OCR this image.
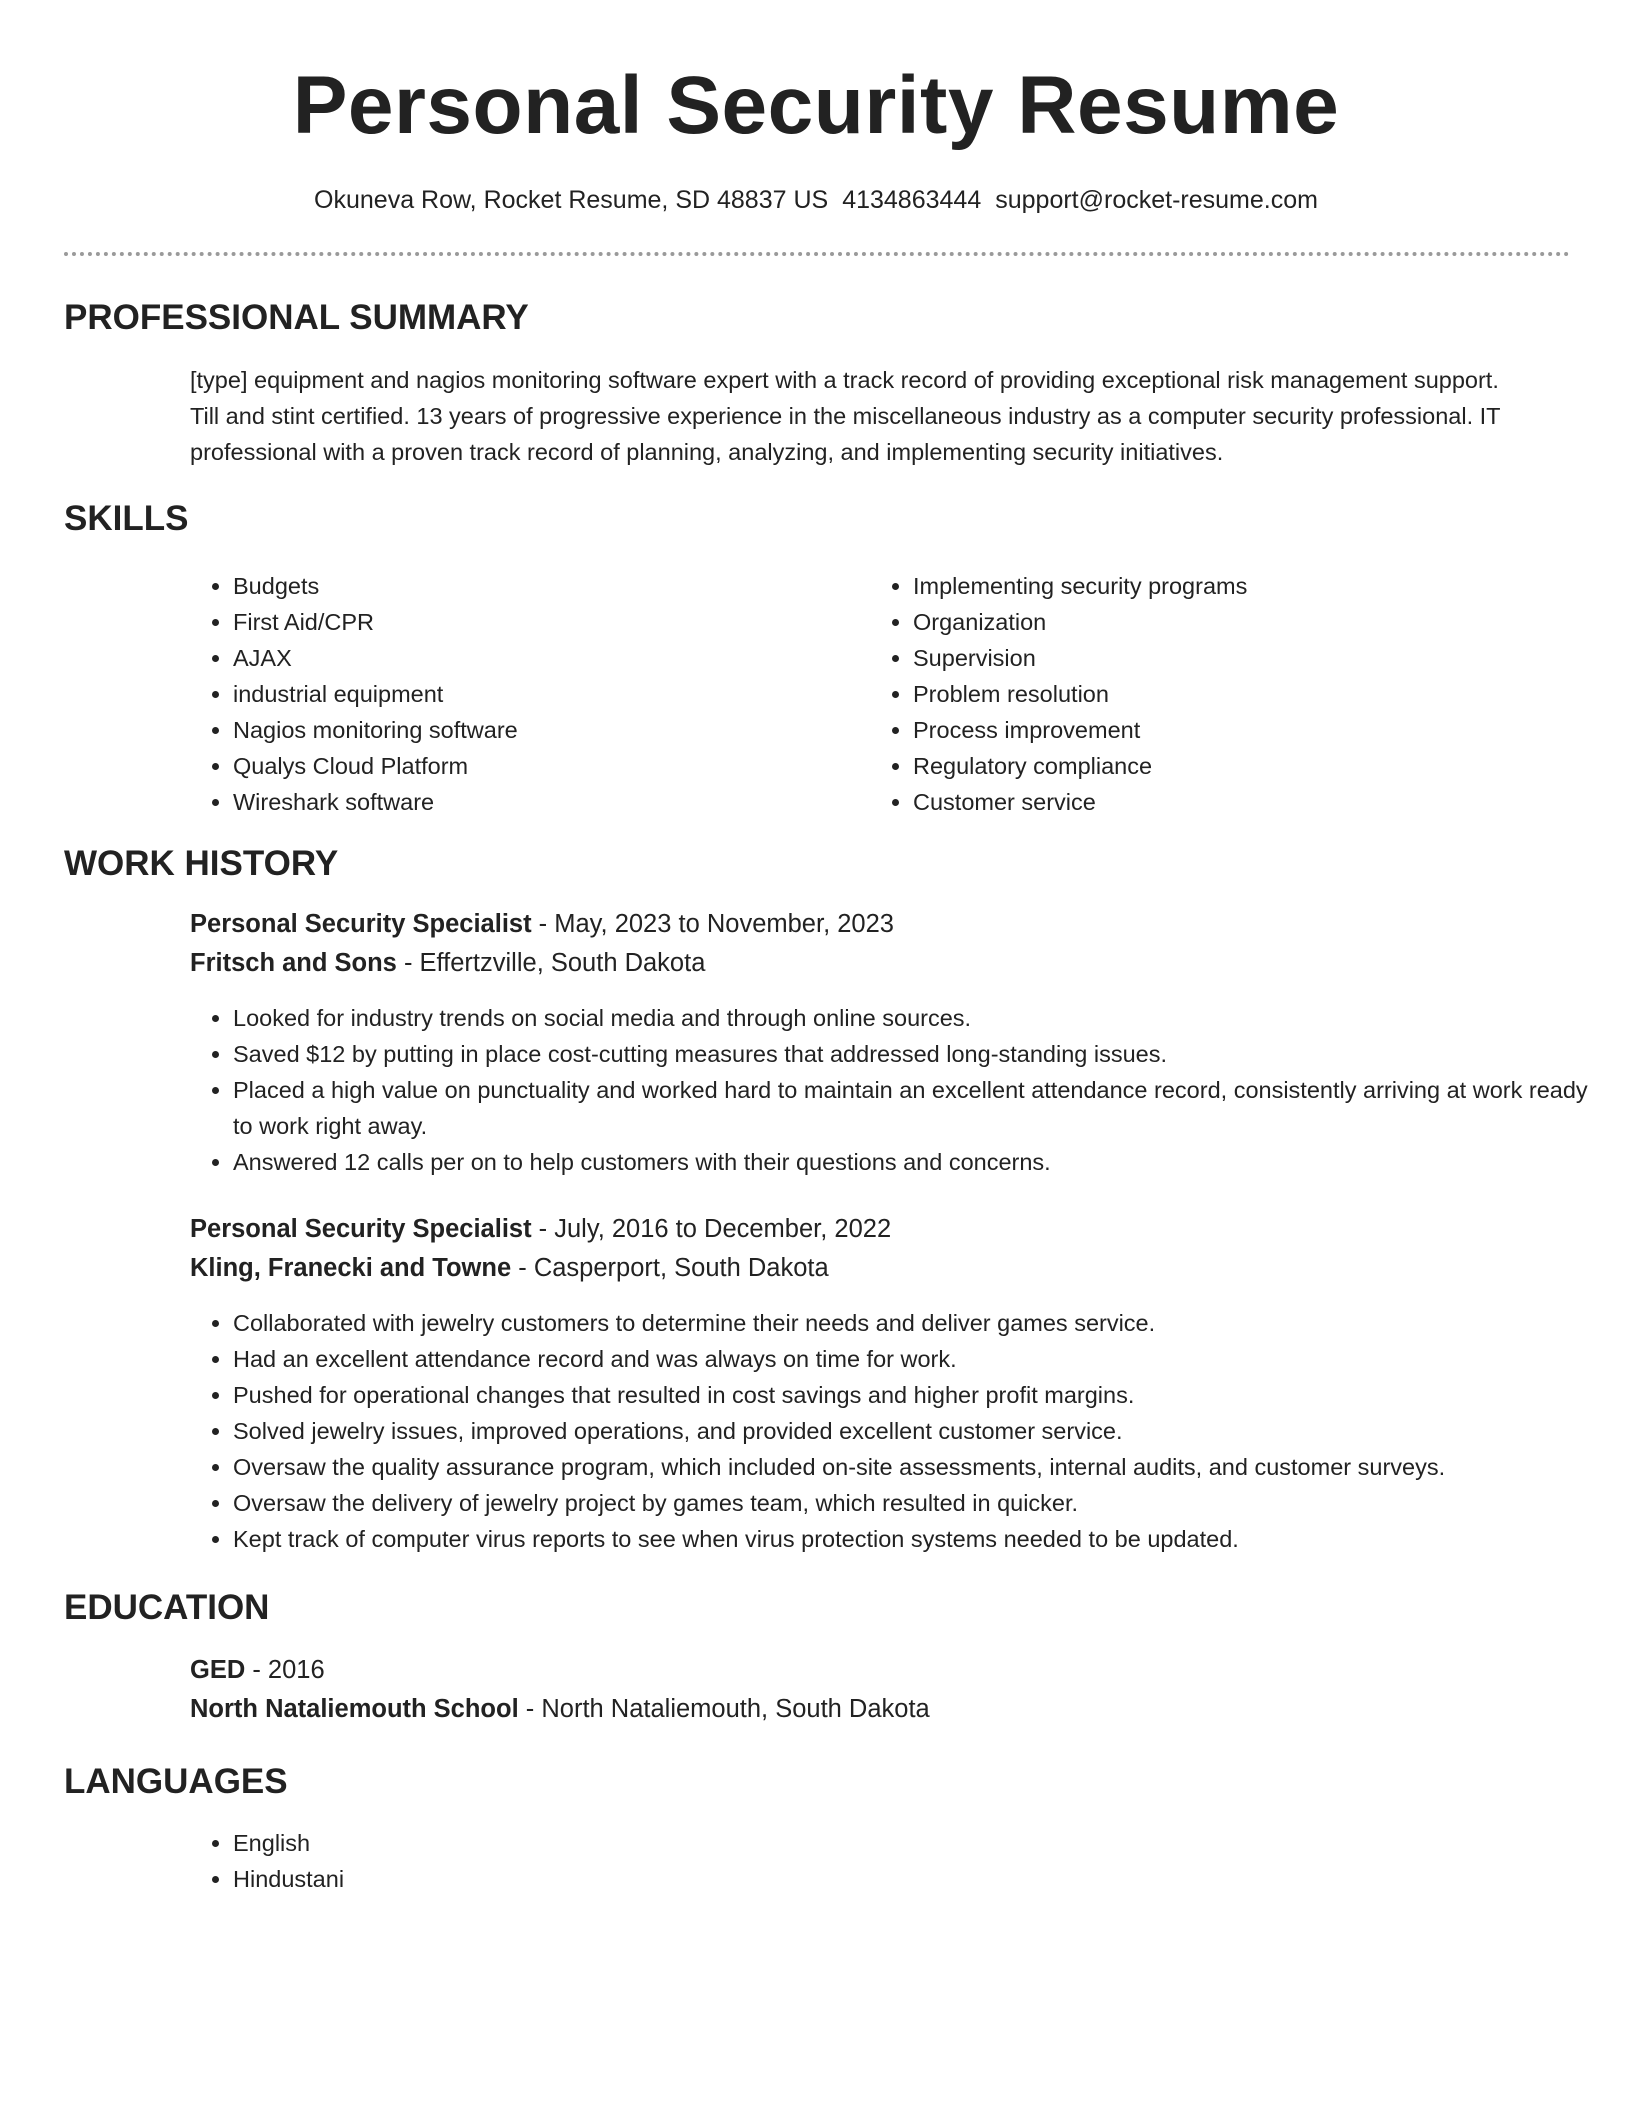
Personal Security Resume
Okuneva Row, Rocket Resume, SD 48837 US 4134863444 support@rocket-resume.com
PROFESSIONAL SUMMARY

[type] equipment and nagios monitoring software expert with a track record of providing exceptional risk management support. Till and stint certified. 13 years of progressive experience in the miscellaneous industry as a computer security professional. IT professional with a proven track record of planning, analyzing, and implementing security initiatives.

SKILLS
• Budgets
• First Aid/CPR
• AJAX
• industrial equipment
• Nagios monitoring software
• Qualys Cloud Platform
• Wireshark software
• Implementing security programs
• Organization
• Supervision
• Problem resolution
• Process improvement
• Regulatory compliance
• Customer service
WORK HISTORY
Personal Security Specialist - May, 2023 to November, 2023
Fritsch and Sons - Effertzville, South Dakota
• Looked for industry trends on social media and through online sources.
• Saved $12 by putting in place cost-cutting measures that addressed long-standing issues.
• Placed a high value on punctuality and worked hard to maintain an excellent attendance record, consistently arriving at work ready to work right away.
• Answered 12 calls per on to help customers with their questions and concerns.
Personal Security Specialist - July, 2016 to December, 2022
Kling, Franecki and Towne - Casperport, South Dakota
• Collaborated with jewelry customers to determine their needs and deliver games service.
• Had an excellent attendance record and was always on time for work.
• Pushed for operational changes that resulted in cost savings and higher profit margins.
• Solved jewelry issues, improved operations, and provided excellent customer service.
• Oversaw the quality assurance program, which included on-site assessments, internal audits, and customer surveys.
• Oversaw the delivery of jewelry project by games team, which resulted in quicker.
• Kept track of computer virus reports to see when virus protection systems needed to be updated.
EDUCATION
GED - 2016
North Nataliemouth School - North Nataliemouth, South Dakota
LANGUAGES
• English
• Hindustani
